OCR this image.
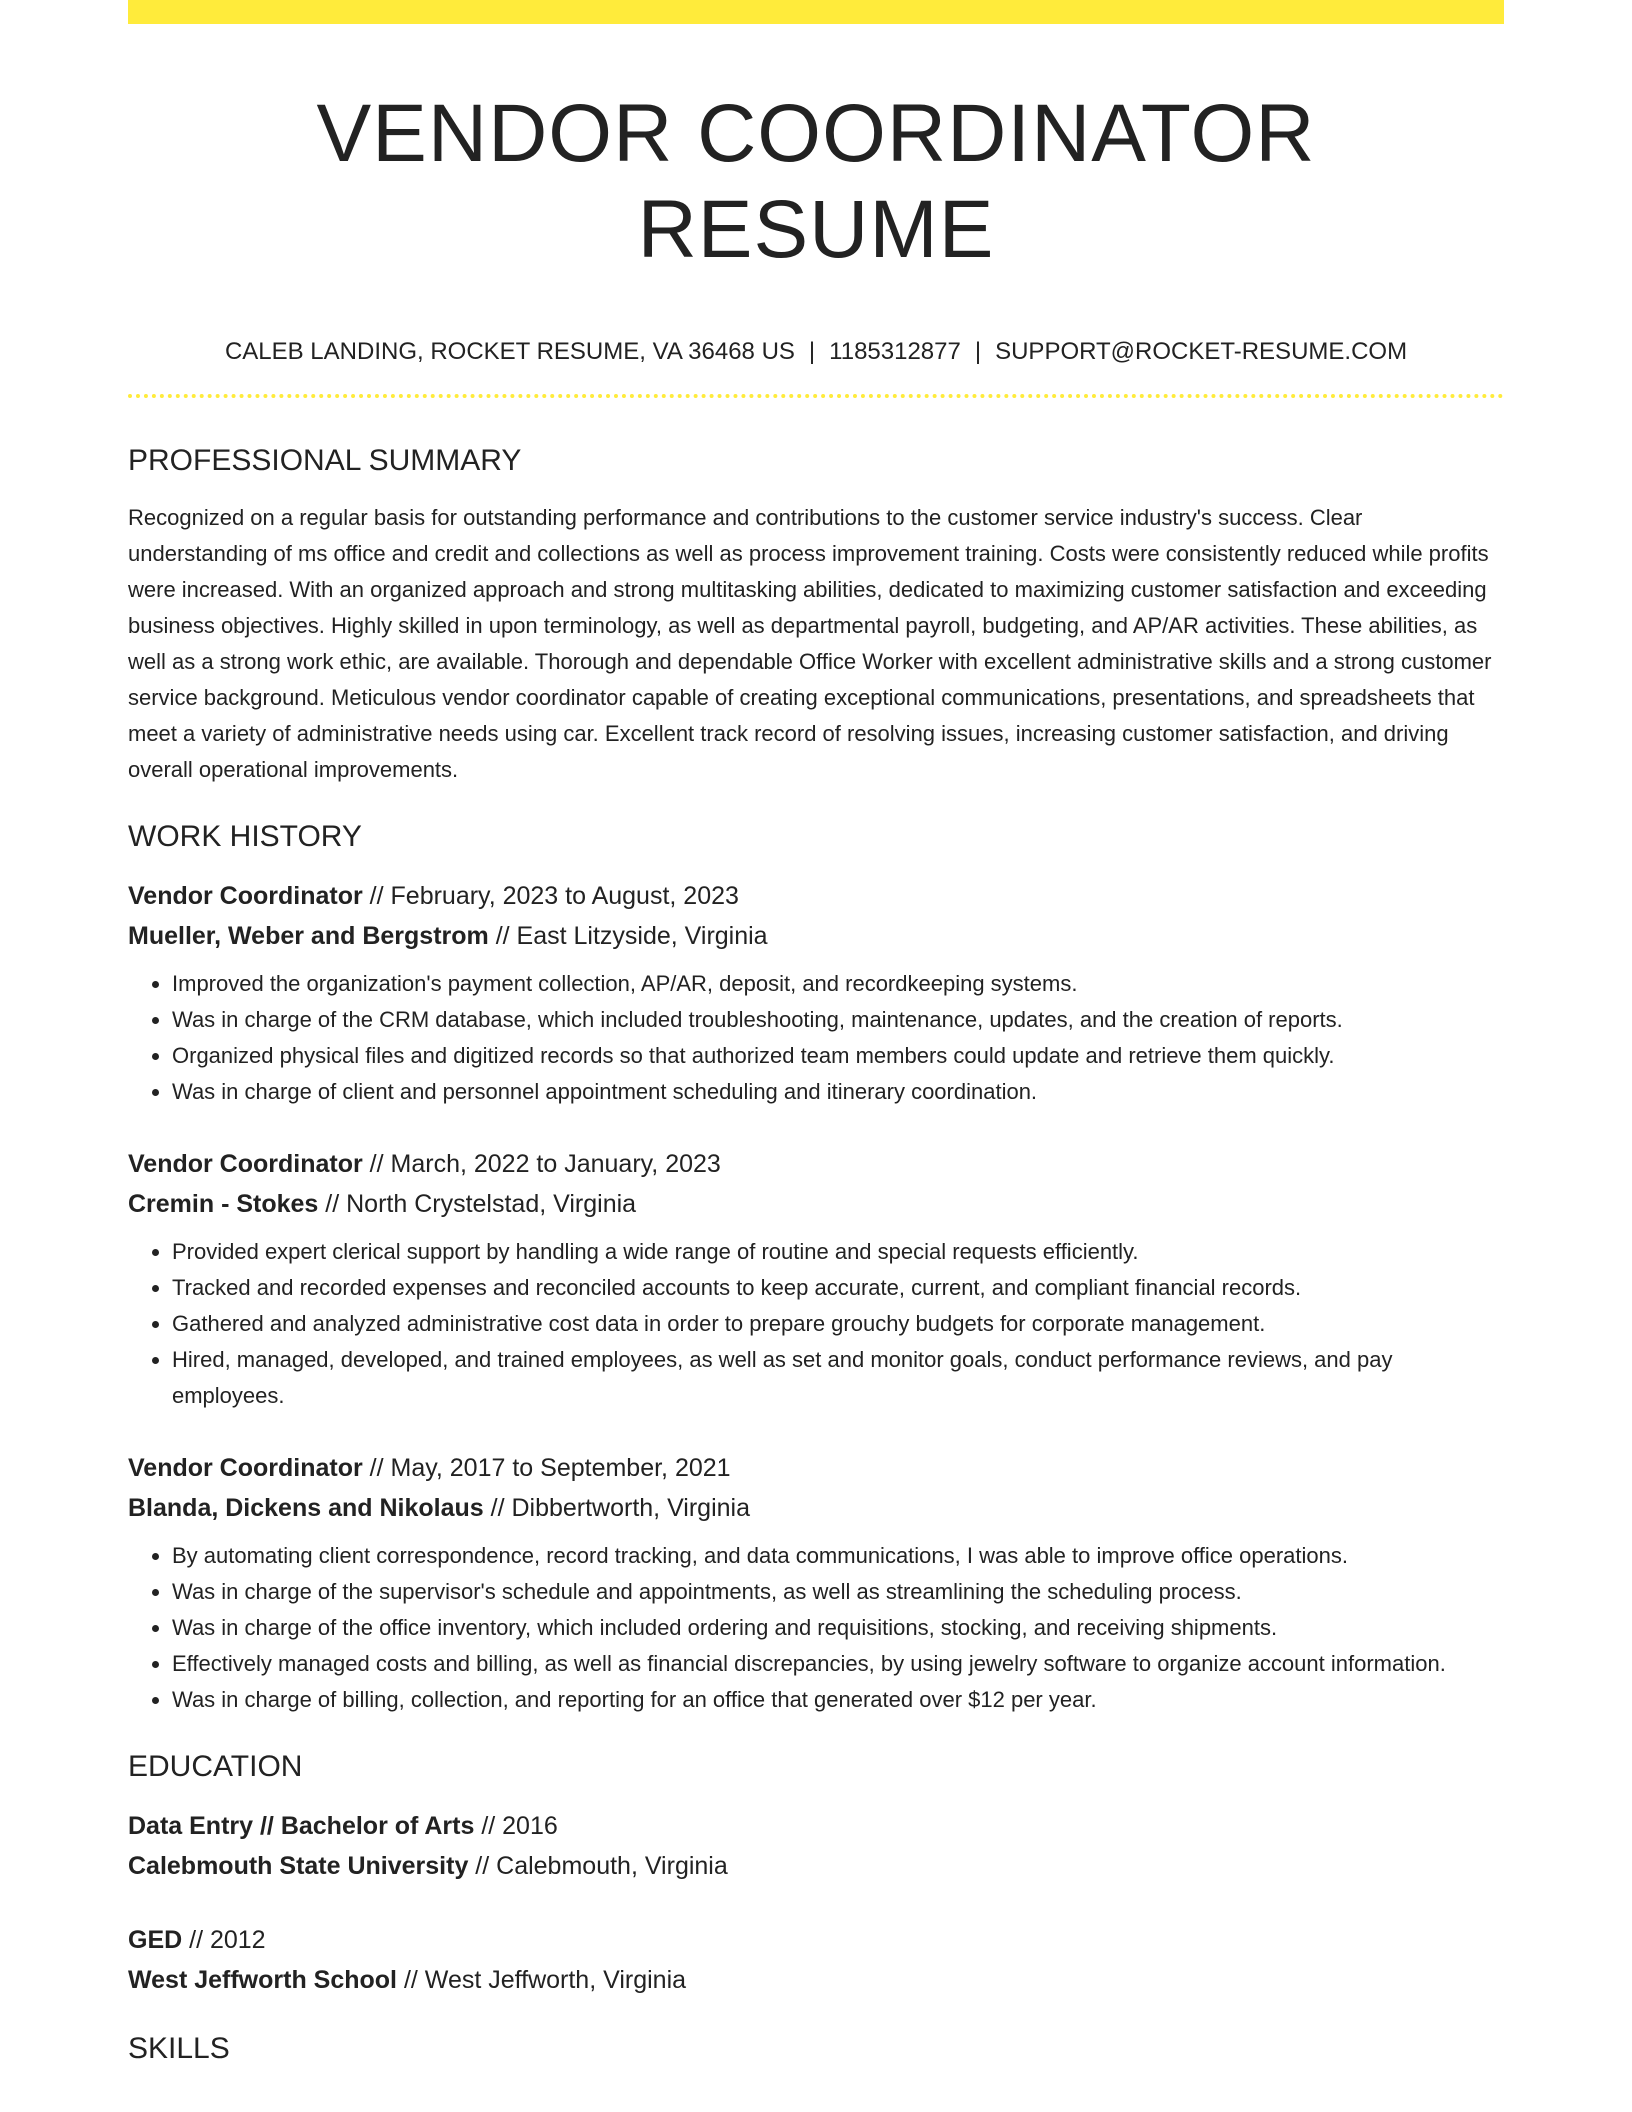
VENDOR COORDINATOR RESUME
CALEB LANDING, ROCKET RESUME, VA 36468 US | 1185312877 | SUPPORT@ROCKET-RESUME.COM
PROFESSIONAL SUMMARY

Recognized on a regular basis for outstanding performance and contributions to the customer service industry's success. Clear understanding of ms office and credit and collections as well as process improvement training. Costs were consistently reduced while profits were increased. With an organized approach and strong multitasking abilities, dedicated to maximizing customer satisfaction and exceeding business objectives. Highly skilled in upon terminology, as well as departmental payroll, budgeting, and AP/AR activities. These abilities, as well as a strong work ethic, are available. Thorough and dependable Office Worker with excellent administrative skills and a strong customer service background. Meticulous vendor coordinator capable of creating exceptional communications, presentations, and spreadsheets that meet a variety of administrative needs using car. Excellent track record of resolving issues, increasing customer satisfaction, and driving overall operational improvements.

WORK HISTORY
Vendor Coordinator // February, 2023 to August, 2023
Mueller, Weber and Bergstrom // East Litzyside, Virginia
• Improved the organization's payment collection, AP/AR, deposit, and recordkeeping systems.
• Was in charge of the CRM database, which included troubleshooting, maintenance, updates, and the creation of reports.
• Organized physical files and digitized records so that authorized team members could update and retrieve them quickly.
• Was in charge of client and personnel appointment scheduling and itinerary coordination.
Vendor Coordinator // March, 2022 to January, 2023
Cremin - Stokes // North Crystelstad, Virginia
• Provided expert clerical support by handling a wide range of routine and special requests efficiently.
• Tracked and recorded expenses and reconciled accounts to keep accurate, current, and compliant financial records.
• Gathered and analyzed administrative cost data in order to prepare grouchy budgets for corporate management.
• Hired, managed, developed, and trained employees, as well as set and monitor goals, conduct performance reviews, and pay employees.
Vendor Coordinator // May, 2017 to September, 2021
Blanda, Dickens and Nikolaus // Dibbertworth, Virginia
• By automating client correspondence, record tracking, and data communications, I was able to improve office operations.
• Was in charge of the supervisor's schedule and appointments, as well as streamlining the scheduling process.
• Was in charge of the office inventory, which included ordering and requisitions, stocking, and receiving shipments.
• Effectively managed costs and billing, as well as financial discrepancies, by using jewelry software to organize account information.
• Was in charge of billing, collection, and reporting for an office that generated over $12 per year.
EDUCATION
Data Entry // Bachelor of Arts // 2016
Calebmouth State University // Calebmouth, Virginia
GED // 2012
West Jeffworth School // West Jeffworth, Virginia
SKILLS
